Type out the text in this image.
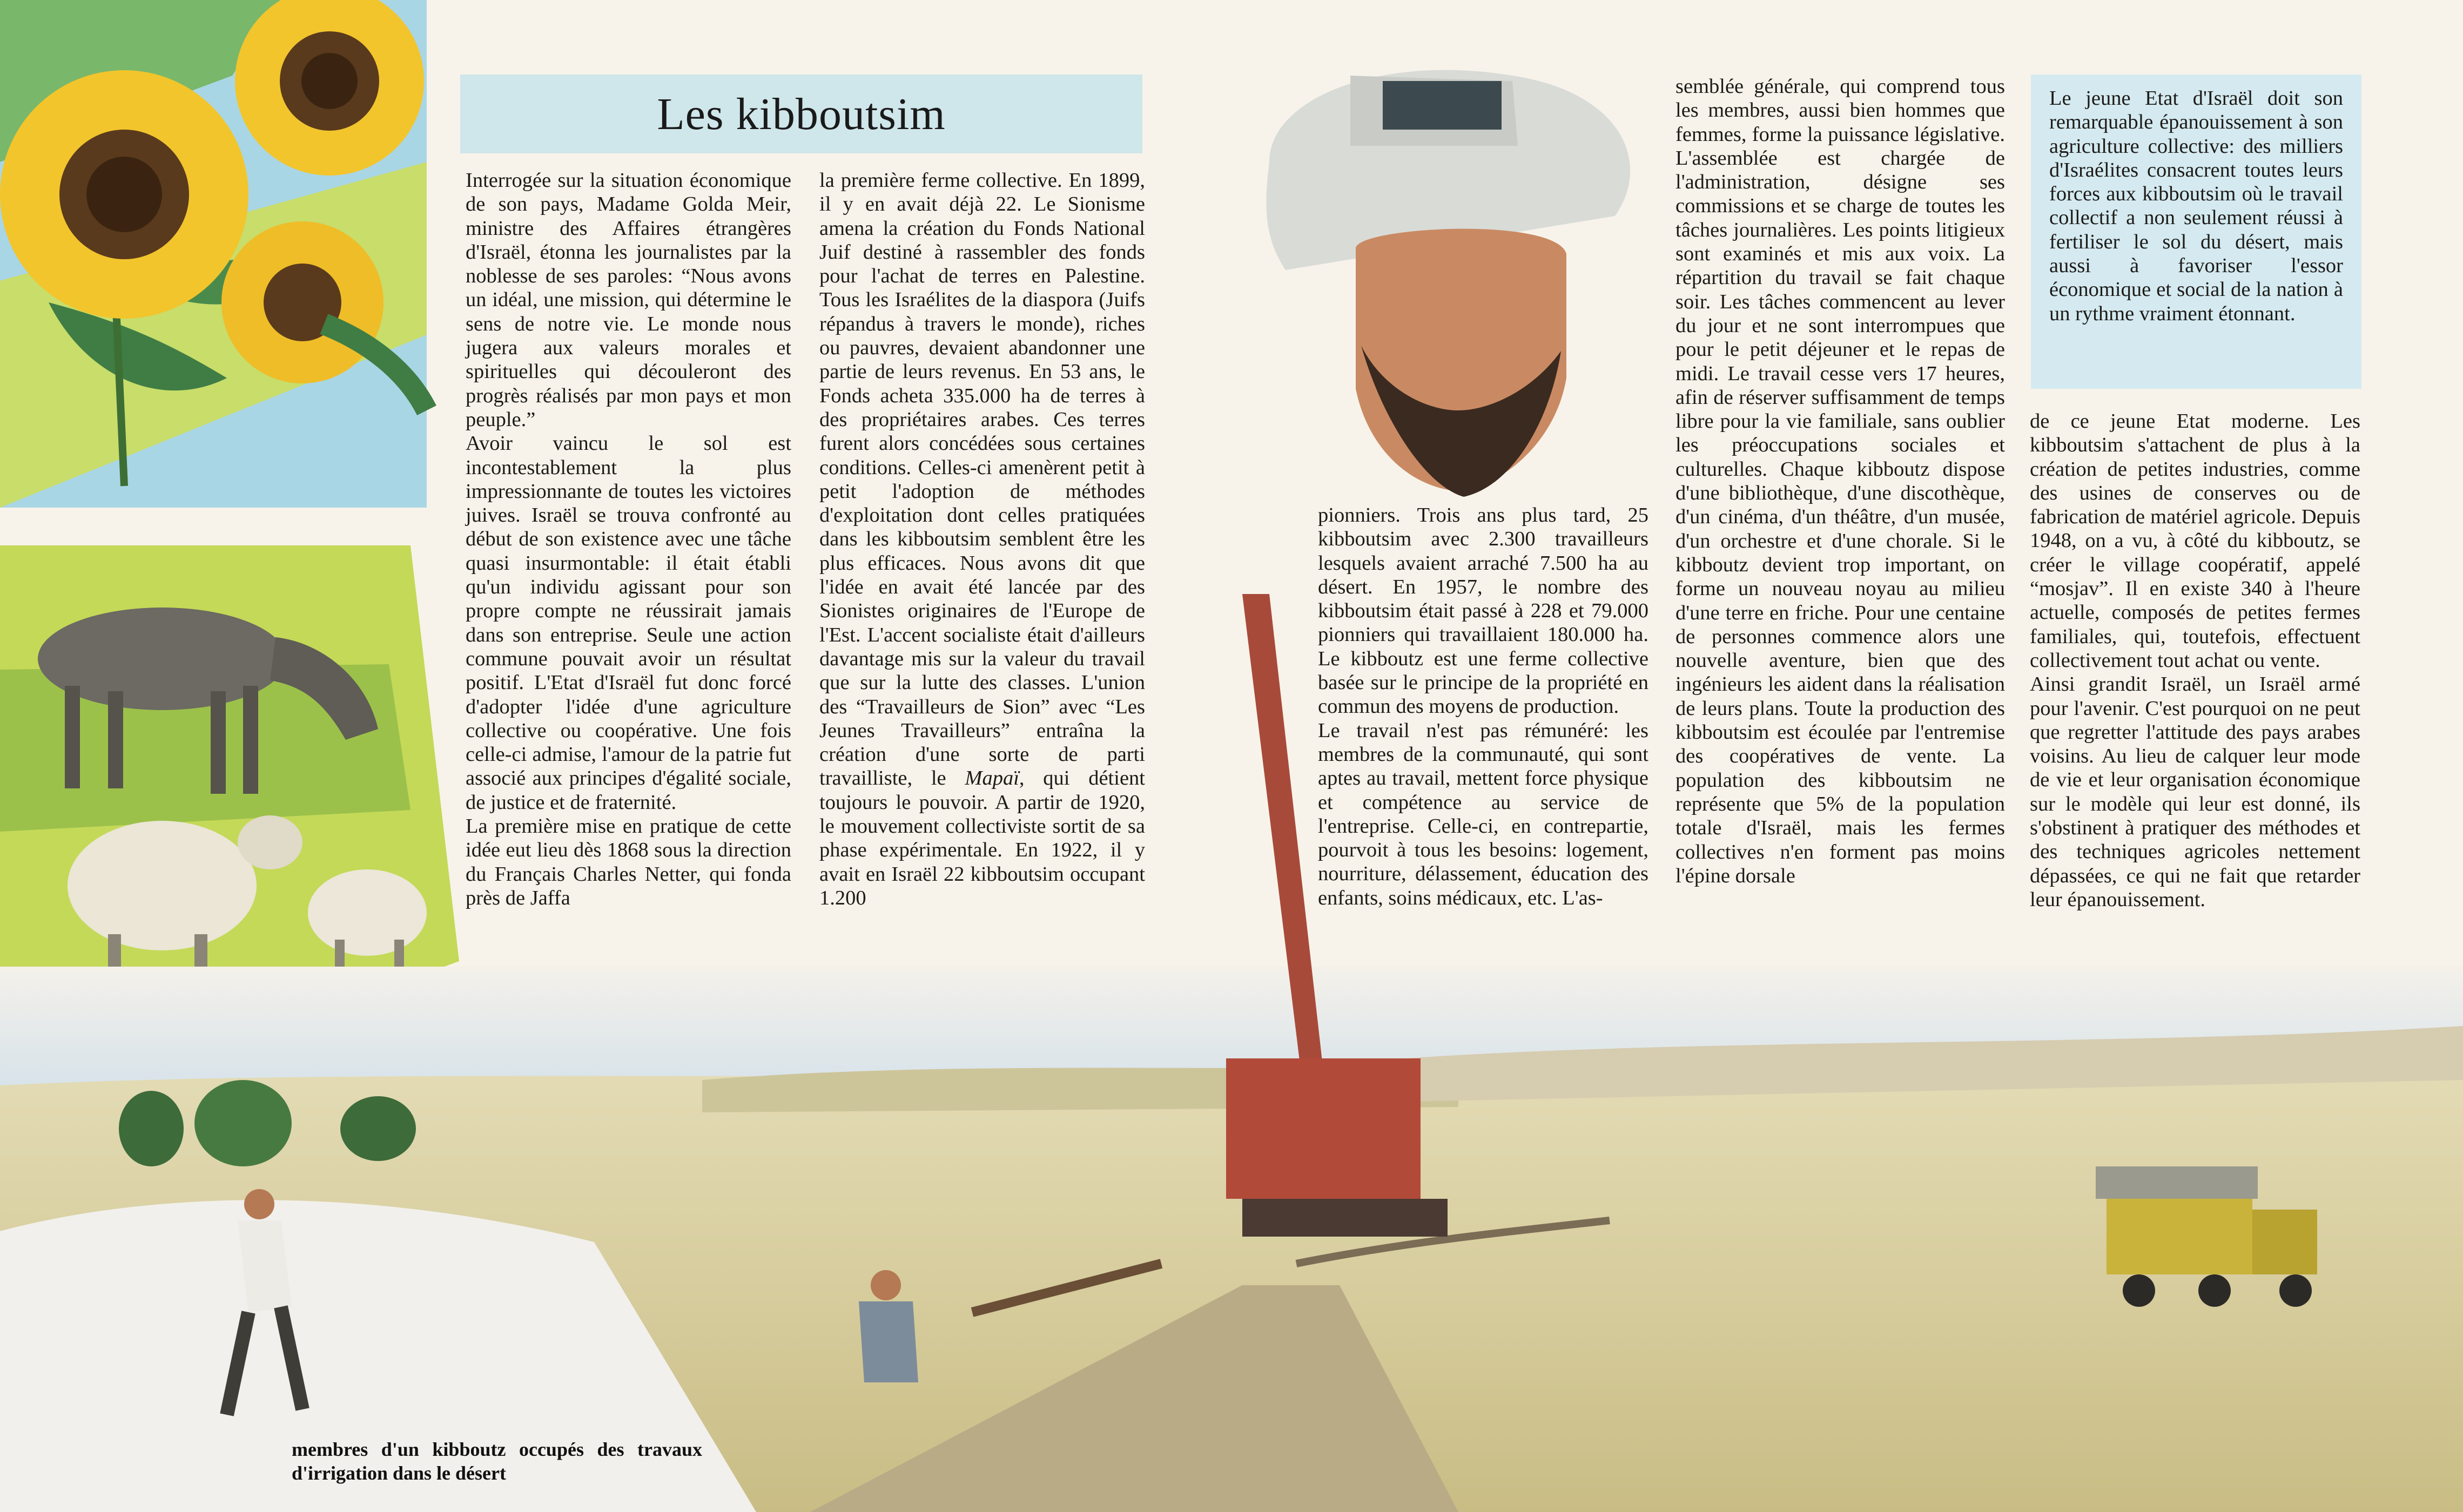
Les kibboutsim

Interrogée sur la situation économique de son pays, Madame Golda Meir, ministre des Affaires étrangères d'Israël, étonna les journalistes par la noblesse de ses paroles: “Nous avons un idéal, une mission, qui détermine le sens de notre vie. Le monde nous jugera aux valeurs morales et spirituelles qui découleront des progrès réalisés par mon pays et mon peuple.”

Avoir vaincu le sol est incontestablement la plus impressionnante de toutes les victoires juives. Israël se trouva confronté au début de son existence avec une tâche quasi insurmontable: il était établi qu'un individu agissant pour son propre compte ne réussirait jamais dans son entreprise. Seule une action commune pouvait avoir un résultat positif. L'Etat d'Israël fut donc forcé d'adopter l'idée d'une agriculture collective ou coopérative. Une fois celle-ci admise, l'amour de la patrie fut associé aux principes d'égalité sociale, de justice et de fraternité.

La première mise en pratique de cette idée eut lieu dès 1868 sous la direction du Français Charles Netter, qui fonda près de Jaffa

la première ferme collective. En 1899, il y en avait déjà 22. Le Sionisme amena la création du Fonds National Juif destiné à rassembler des fonds pour l'achat de terres en Palestine. Tous les Israélites de la diaspora (Juifs répandus à travers le monde), riches ou pauvres, devaient abandonner une partie de leurs revenus. En 53 ans, le Fonds acheta 335.000 ha de terres à des propriétaires arabes. Ces terres furent alors concédées sous certaines conditions. Celles-ci amenèrent petit à petit l'adoption de méthodes d'exploitation dont celles pratiquées dans les kibboutsim semblent être les plus efficaces. Nous avons dit que l'idée en avait été lancée par des Sionistes originaires de l'Europe de l'Est. L'accent socialiste était d'ailleurs davantage mis sur la valeur du travail que sur la lutte des classes. L'union des “Travailleurs de Sion” avec “Les Jeunes Travailleurs” entraîna la création d'une sorte de parti travailliste, le Mapaï, qui détient toujours le pouvoir. A partir de 1920, le mouvement collectiviste sortit de sa phase expérimentale. En 1922, il y avait en Israël 22 kibboutsim occupant 1.200

pionniers. Trois ans plus tard, 25 kibboutsim avec 2.300 travailleurs lesquels avaient arraché 7.500 ha au désert. En 1957, le nombre des kibboutsim était passé à 228 et 79.000 pionniers qui travaillaient 180.000 ha. Le kibboutz est une ferme collective basée sur le principe de la propriété en commun des moyens de production.

Le travail n'est pas rémunéré: les membres de la communauté, qui sont aptes au travail, mettent force physique et compétence au service de l'entreprise. Celle-ci, en contrepartie, pourvoit à tous les besoins: logement, nourriture, délassement, éducation des enfants, soins médicaux, etc. L'as-

semblée générale, qui comprend tous les membres, aussi bien hommes que femmes, forme la puissance législative. L'assemblée est chargée de l'administration, désigne ses commissions et se charge de toutes les tâches journalières. Les points litigieux sont examinés et mis aux voix. La répartition du travail se fait chaque soir. Les tâches commencent au lever du jour et ne sont interrompues que pour le petit déjeuner et le repas de midi. Le travail cesse vers 17 heures, afin de réserver suffisamment de temps libre pour la vie familiale, sans oublier les préoccupations sociales et culturelles. Chaque kibboutz dispose d'une bibliothèque, d'une discothèque, d'un cinéma, d'un théâtre, d'un musée, d'un orchestre et d'une chorale. Si le kibboutz devient trop important, on forme un nouveau noyau au milieu d'une terre en friche. Pour une centaine de personnes commence alors une nouvelle aventure, bien que des ingénieurs les aident dans la réalisation de leurs plans. Toute la production des kibboutsim est écoulée par l'entremise des coopératives de vente. La population des kibboutsim ne représente que 5% de la population totale d'Israël, mais les fermes collectives n'en forment pas moins l'épine dorsale

Le jeune Etat d'Israël doit son remarquable épanouissement à son agriculture collective: des milliers d'Israélites consacrent toutes leurs forces aux kibboutsim où le travail collectif a non seulement réussi à fertiliser le sol du désert, mais aussi à favoriser l'essor économique et social de la nation à un rythme vraiment étonnant.

de ce jeune Etat moderne. Les kibboutsim s'attachent de plus à la création de petites industries, comme des usines de conserves ou de fabrication de matériel agricole. Depuis 1948, on a vu, à côté du kibboutz, se créer le village coopératif, appelé “mosjav”. Il en existe 340 à l'heure actuelle, composés de petites fermes familiales, qui, toutefois, effectuent collectivement tout achat ou vente.

Ainsi grandit Israël, un Israël armé pour l'avenir. C'est pourquoi on ne peut que regretter l'attitude des pays arabes voisins. Au lieu de calquer leur mode de vie et leur organisation économique sur le modèle qui leur est donné, ils s'obstinent à pratiquer des méthodes et des techniques agricoles nettement dépassées, ce qui ne fait que retarder leur épanouissement.

membres d'un kibboutz occupés des travaux d'irrigation dans le désert
